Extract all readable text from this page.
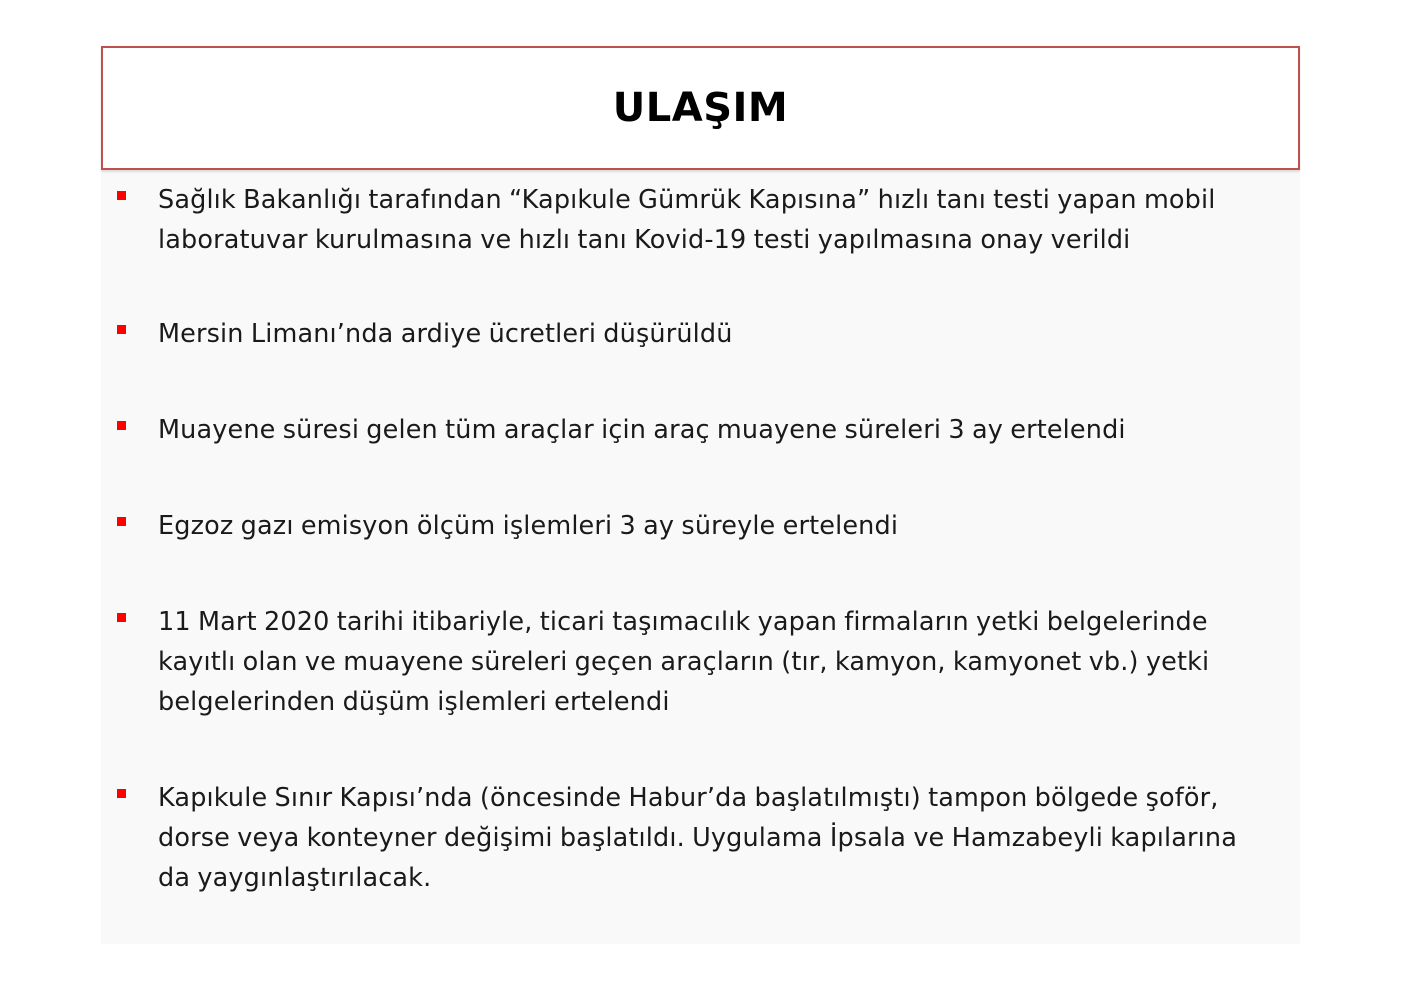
ULAŞIM
Sağlık Bakanlığı tarafından “Kapıkule Gümrük Kapısına” hızlı tanı testi yapan mobil
laboratuvar kurulmasına ve hızlı tanı Kovid-19 testi yapılmasına onay verildi
Mersin Limanı’nda ardiye ücretleri düşürüldü
Muayene süresi gelen tüm araçlar için araç muayene süreleri 3 ay ertelendi
Egzoz gazı emisyon ölçüm işlemleri 3 ay süreyle ertelendi
11 Mart 2020 tarihi itibariyle, ticari taşımacılık yapan firmaların yetki belgelerinde
kayıtlı olan ve muayene süreleri geçen araçların (tır, kamyon, kamyonet vb.) yetki
belgelerinden düşüm işlemleri ertelendi
Kapıkule Sınır Kapısı’nda (öncesinde Habur’da başlatılmıştı) tampon bölgede şoför,
dorse veya konteyner değişimi başlatıldı. Uygulama İpsala ve Hamzabeyli kapılarına
da yaygınlaştırılacak.
